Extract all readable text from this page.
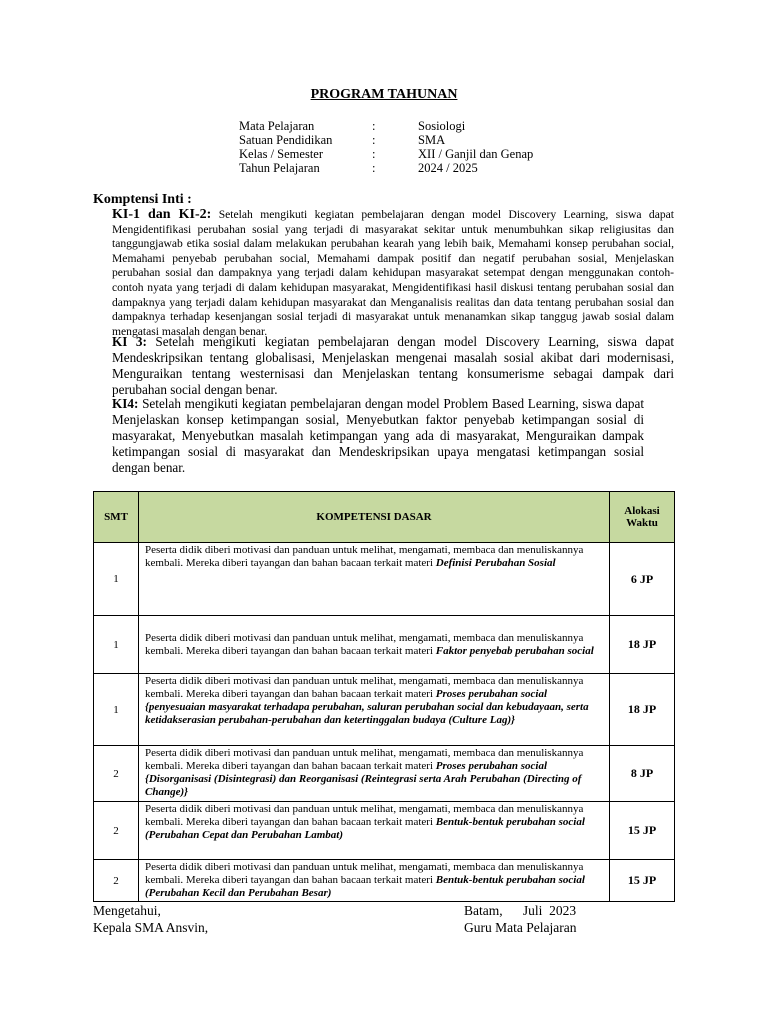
PROGRAM TAHUNAN
Mata Pelajaran	:	Sosiologi
Satuan Pendidikan	:	SMA
Kelas / Semester	:	XII / Ganjil dan Genap
Tahun Pelajaran	:	2024 / 2025
Komptensi Inti :
KI-1 dan KI-2: Setelah mengikuti kegiatan pembelajaran dengan model Discovery Learning, siswa dapat Mengidentifikasi perubahan sosial yang terjadi di masyarakat sekitar untuk menumbuhkan sikap religiusitas dan tanggungjawab etika sosial dalam melakukan perubahan kearah yang lebih baik, Memahami konsep perubahan social, Memahami penyebab perubahan social, Memahami dampak positif dan negatif perubahan sosial, Menjelaskan perubahan sosial dan dampaknya yang terjadi dalam kehidupan masyarakat setempat dengan menggunakan contoh-contoh nyata yang terjadi di dalam kehidupan masyarakat, Mengidentifikasi hasil diskusi tentang perubahan sosial dan dampaknya yang terjadi dalam kehidupan masyarakat dan Menganalisis realitas dan data tentang perubahan sosial dan dampaknya terhadap kesenjangan sosial terjadi di masyarakat untuk menanamkan sikap tanggug jawab sosial dalam mengatasi masalah dengan benar.
KI 3: Setelah mengikuti kegiatan pembelajaran dengan model Discovery Learning, siswa dapat Mendeskripsikan tentang globalisasi, Menjelaskan mengenai masalah sosial akibat dari modernisasi, Menguraikan tentang westernisasi dan Menjelaskan tentang konsumerisme sebagai dampak dari perubahan social dengan benar.
KI4: Setelah mengikuti kegiatan pembelajaran dengan model Problem Based Learning, siswa dapat Menjelaskan konsep ketimpangan sosial, Menyebutkan faktor penyebab ketimpangan sosial di masyarakat, Menyebutkan masalah ketimpangan yang ada di masyarakat, Menguraikan dampak ketimpangan sosial di masyarakat dan Mendeskripsikan upaya mengatasi ketimpangan sosial dengan benar.
SMT	KOMPETENSI DASAR	Alokasi Waktu
1	Peserta didik diberi motivasi dan panduan untuk melihat, mengamati, membaca dan menuliskannya kembali. Mereka diberi tayangan dan bahan bacaan terkait materi Definisi Perubahan Sosial	6 JP
1	Peserta didik diberi motivasi dan panduan untuk melihat, mengamati, membaca dan menuliskannya kembali. Mereka diberi tayangan dan bahan bacaan terkait materi Faktor penyebab perubahan social	18 JP
1	Peserta didik diberi motivasi dan panduan untuk melihat, mengamati, membaca dan menuliskannya kembali. Mereka diberi tayangan dan bahan bacaan terkait materi Proses perubahan social {penyesuaian masyarakat terhadapa perubahan, saluran perubahan social dan kebudayaan, serta ketidakserasian perubahan-perubahan dan ketertinggalan budaya (Culture Lag)}	18 JP
2	Peserta didik diberi motivasi dan panduan untuk melihat, mengamati, membaca dan menuliskannya kembali. Mereka diberi tayangan dan bahan bacaan terkait materi Proses perubahan social {Disorganisasi (Disintegrasi) dan Reorganisasi (Reintegrasi serta Arah Perubahan (Directing of Change)}	8 JP
2	Peserta didik diberi motivasi dan panduan untuk melihat, mengamati, membaca dan menuliskannya kembali. Mereka diberi tayangan dan bahan bacaan terkait materi Bentuk-bentuk perubahan social (Perubahan Cepat dan Perubahan Lambat)	15 JP
2	Peserta didik diberi motivasi dan panduan untuk melihat, mengamati, membaca dan menuliskannya kembali. Mereka diberi tayangan dan bahan bacaan terkait materi Bentuk-bentuk perubahan social (Perubahan Kecil dan Perubahan Besar)	15 JP
Mengetahui,
Kepala SMA Ansvin,
Batam,      Juli  2023
Guru Mata Pelajaran
